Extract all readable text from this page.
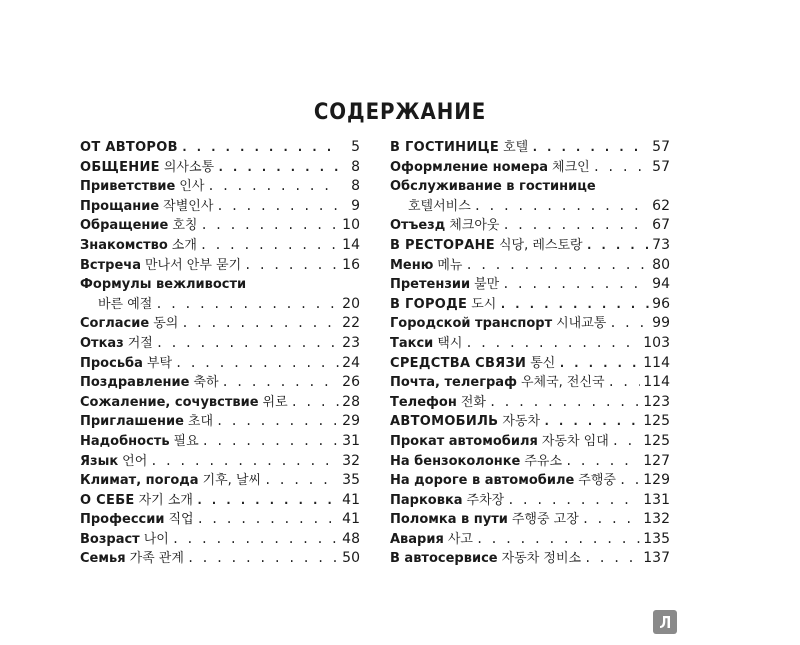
СОДЕРЖАНИЕ
ОТ АВТОРОВ . . .	5
ОБЩЕНИЕ 의사소통 . . .	8
Приветствие 인사 . . .	8
Прощание 작별인사 . . .	9
Обращение 호칭 . . .	10
Знакомство 소개 . . .	14
Встреча 만나서 안부 묻기 . . .	16
Формулы вежливости
바른 예절 . . .	20
Согласие 동의 . . .	22
Отказ 거절 . . .	23
Просьба 부탁 . . .	24
Поздравление 축하 . . .	26
Сожаление, сочувствие 위로 . . .	28
Приглашение 초대 . . .	29
Надобность 필요 . . .	31
Язык 언어 . . .	32
Климат, погода 기후, 날씨 . . .	35
О СЕБЕ 자기 소개 . . .	41
Профессии 직업 . . .	41
Возраст 나이 . . .	48
Семья 가족 관계 . . .	50
В ГОСТИНИЦЕ 호텔 . . .	57
Оформление номера 체크인 . . .	57
Обслуживание в гостинице
호텔서비스 . . .	62
Отъезд 체크아웃 . . .	67
В РЕСТОРАНЕ 식당, 레스토랑 . . .	73
Меню 메뉴 . . .	80
Претензии 불만 . . .	94
В ГОРОДЕ 도시 . . .	96
Городской транспорт 시내교통 . . .	99
Такси 택시 . . .	103
СРЕДСТВА СВЯЗИ 통신 . . .	114
Почта, телеграф 우체국, 전신국 . . .	114
Телефон 전화 . . .	123
АВТОМОБИЛЬ 자동차 . . .	125
Прокат автомобиля 자동차 임대 . . . 125
На бензоколонке 주유소 . . .	127
На дороге в автомобиле 주행중 . . . 129
Парковка 주차장 . . .	131
Поломка в пути 주행중 고장 . . .	132
Авария 사고 . . .	135
В автосервисе 자동차 정비소 . . .	137
